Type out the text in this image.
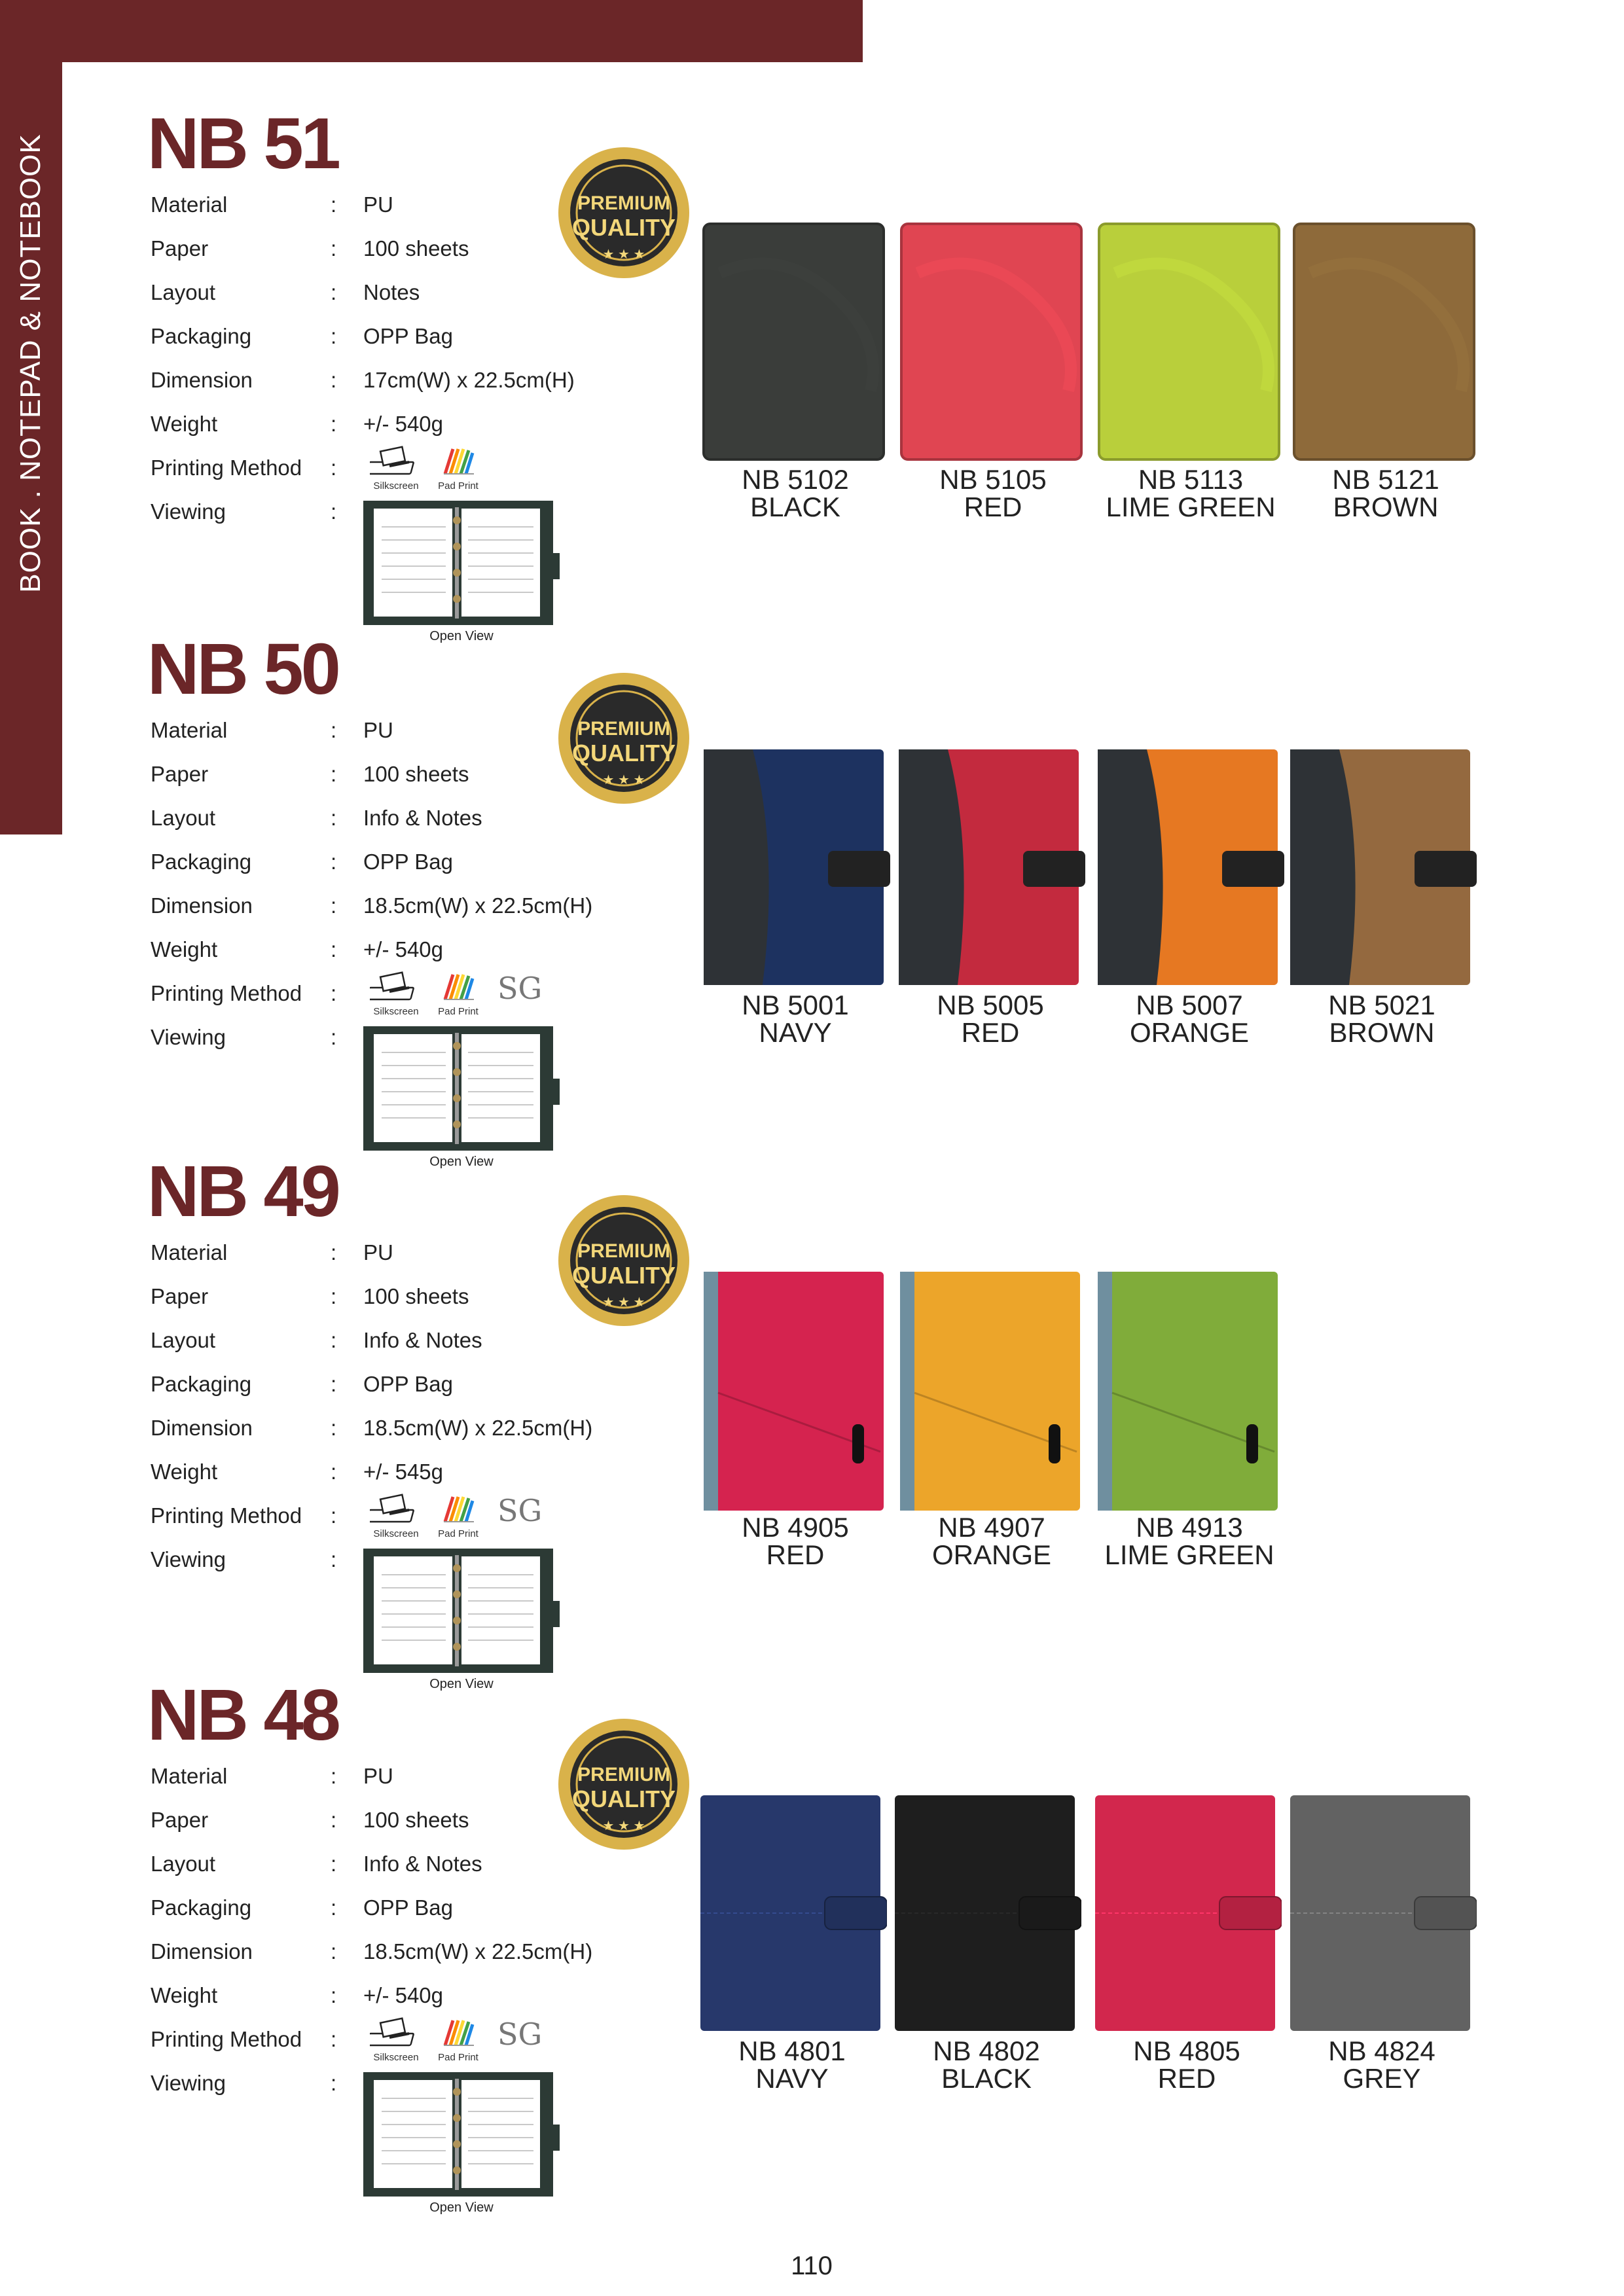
BOOK . NOTEPAD & NOTEBOOK NB 51
Material	: PU
Paper	: 100 sheets
Layout	: Notes
Packaging	: OPP Bag
Dimension	: 17cm(W) x 22.5cm(H)
Weight	: +/- 540g
Printing Method :
Silkscreen	Pad Print
Viewing	:
Open View
PREMIUM
QUALITY
★ ★ ★
NB 5102
BLACK
NB 5105
RED
NB 5113
LIME GREEN
NB 5121
BROWN
NB 50
Material	: PU
Paper	: 100 sheets
Layout	: Info & Notes
Packaging	: OPP Bag
Dimension	: 18.5cm(W) x 22.5cm(H)
Weight	: +/- 540g
Printing Method :
Silkscreen	Pad Print
SG
Viewing	:
Open View
PREMIUM
QUALITY
★ ★ ★
NB 5001
NAVY
NB 5005
RED
NB 5007
ORANGE
NB 5021
BROWN
NB 49
Material	: PU
Paper	: 100 sheets
Layout	: Info & Notes
Packaging	: OPP Bag
Dimension	: 18.5cm(W) x 22.5cm(H)
Weight	: +/- 545g
Printing Method :
Silkscreen	Pad Print
SG
Viewing	:
Open View
PREMIUM
QUALITY
★ ★ ★
NB 4905
RED
NB 4907
ORANGE
NB 4913
LIME GREEN
NB 48
Material	: PU
Paper	: 100 sheets
Layout	: Info & Notes
Packaging	: OPP Bag
Dimension	: 18.5cm(W) x 22.5cm(H)
Weight	: +/- 540g
Printing Method :
Silkscreen	Pad Print
SG
Viewing	:
Open View
PREMIUM
QUALITY
★ ★ ★
NB 4801
NAVY
NB 4802
BLACK
NB 4805
RED
NB 4824
GREY
110
